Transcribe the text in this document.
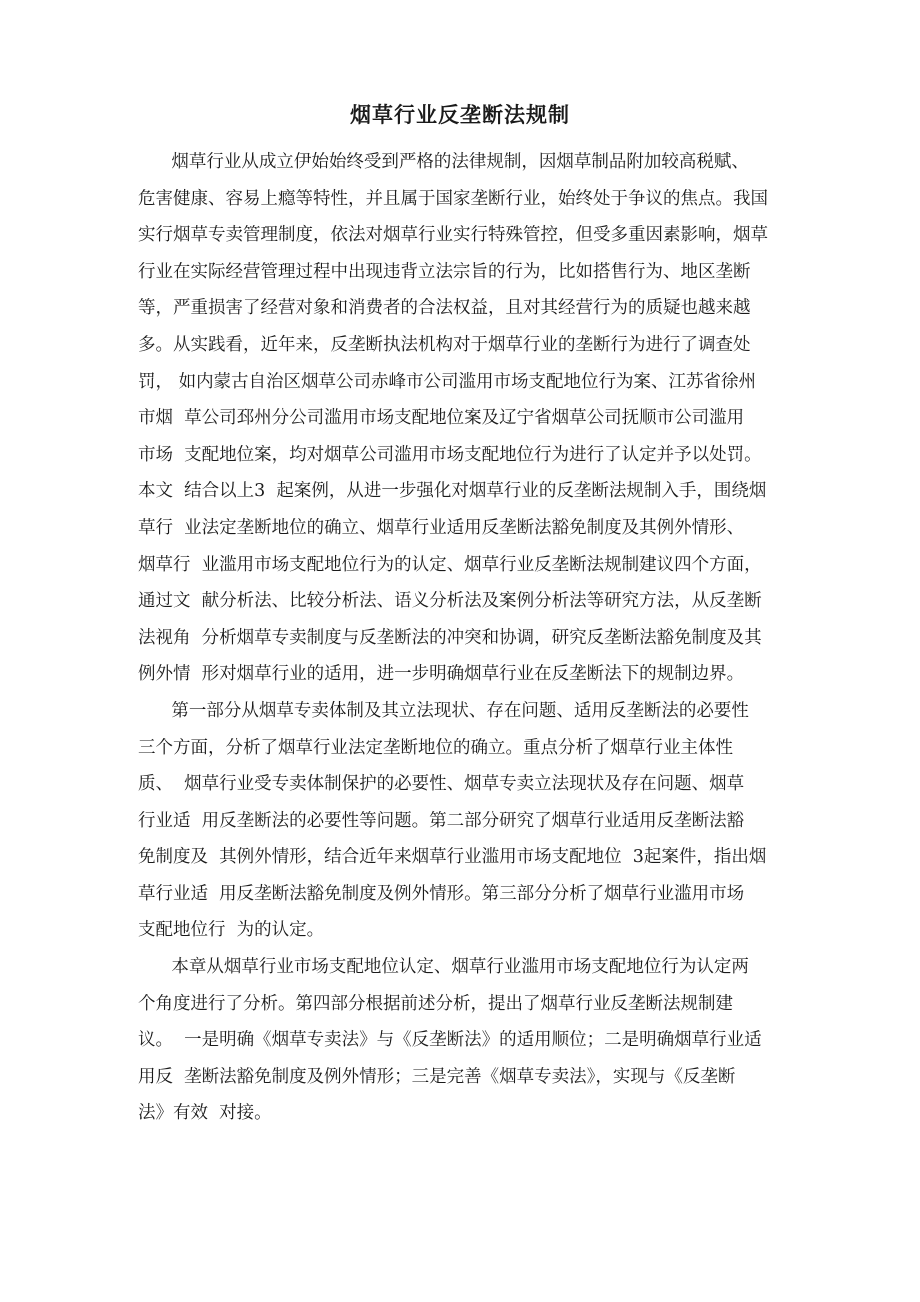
烟草行业反垄断法规制
烟草行业从成立伊始始终受到严格的法律规制，因烟草制品附加较高税赋、
危害健康、容易上瘾等特性，并且属于国家垄断行业，始终处于争议的焦点。我国
实行烟草专卖管理制度，依法对烟草行业实行特殊管控，但受多重因素影响，烟草
行业在实际经营管理过程中出现违背立法宗旨的行为，比如搭售行为、地区垄断
等，严重损害了经营对象和消费者的合法权益，且对其经营行为的质疑也越来越
多。从实践看，近年来，反垄断执法机构对于烟草行业的垄断行为进行了调查处
罚， 如内蒙古自治区烟草公司赤峰市公司滥用市场支配地位行为案、江苏省徐州
市烟  草公司邳州分公司滥用市场支配地位案及辽宁省烟草公司抚顺市公司滥用
市场  支配地位案，均对烟草公司滥用市场支配地位行为进行了认定并予以处罚。
本文  结合以上3  起案例，从进一步强化对烟草行业的反垄断法规制入手，围绕烟
草行  业法定垄断地位的确立、烟草行业适用反垄断法豁免制度及其例外情形、
烟草行  业滥用市场支配地位行为的认定、烟草行业反垄断法规制建议四个方面，
通过文  献分析法、比较分析法、语义分析法及案例分析法等研究方法，从反垄断
法视角  分析烟草专卖制度与反垄断法的冲突和协调，研究反垄断法豁免制度及其
例外情  形对烟草行业的适用，进一步明确烟草行业在反垄断法下的规制边界。
第一部分从烟草专卖体制及其立法现状、存在问题、适用反垄断法的必要性
三个方面，分析了烟草行业法定垄断地位的确立。重点分析了烟草行业主体性
质、  烟草行业受专卖体制保护的必要性、烟草专卖立法现状及存在问题、烟草
行业适  用反垄断法的必要性等问题。第二部分研究了烟草行业适用反垄断法豁
免制度及  其例外情形，结合近年来烟草行业滥用市场支配地位  3起案件，指出烟
草行业适  用反垄断法豁免制度及例外情形。第三部分分析了烟草行业滥用市场
支配地位行  为的认定。
本章从烟草行业市场支配地位认定、烟草行业滥用市场支配地位行为认定两
个角度进行了分析。第四部分根据前述分析，提出了烟草行业反垄断法规制建
议。  一是明确《烟草专卖法》与《反垄断法》的适用顺位；二是明确烟草行业适
用反  垄断法豁免制度及例外情形；三是完善《烟草专卖法》，实现与《反垄断
法》有效  对接。
